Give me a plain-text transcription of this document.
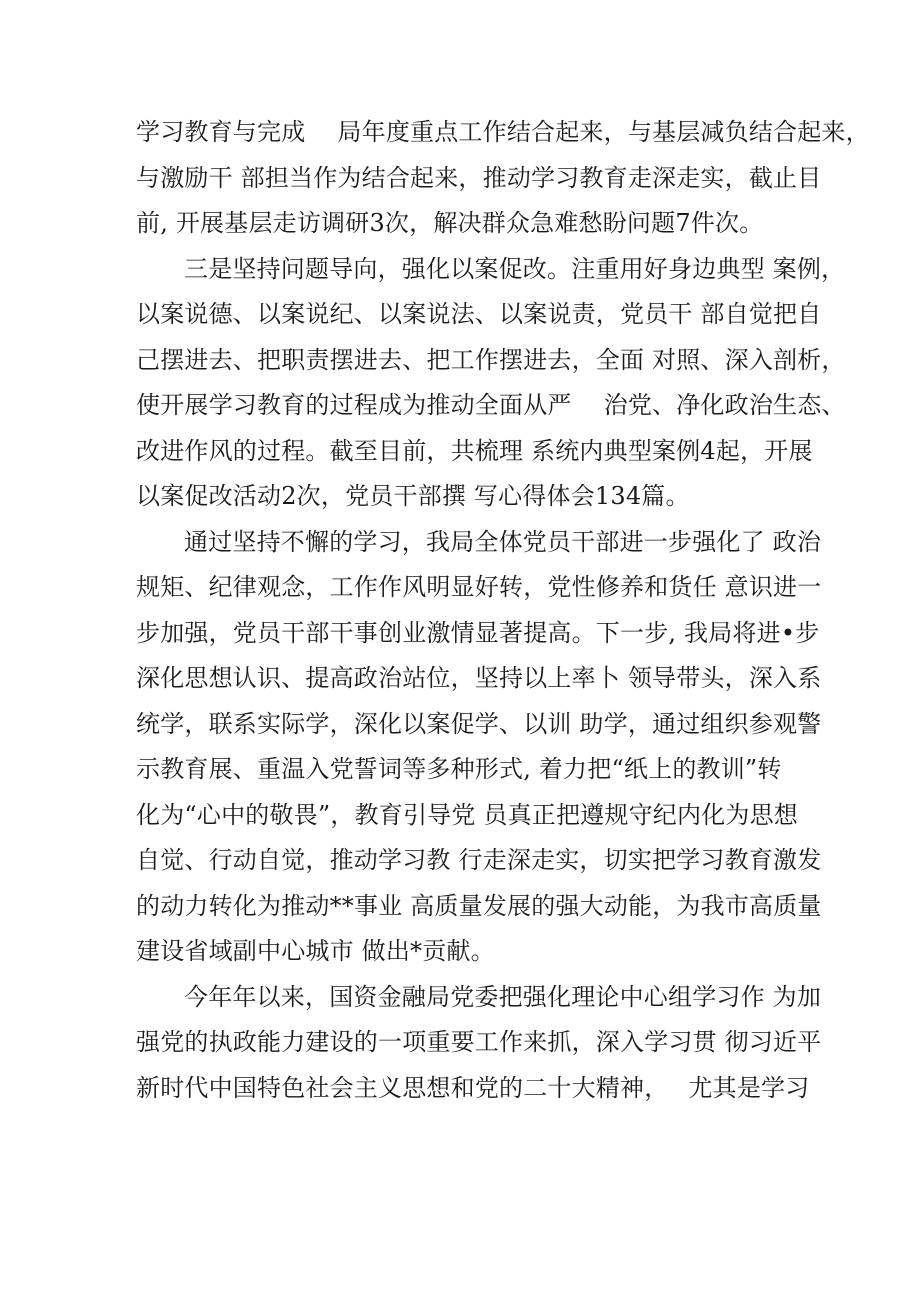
学习教育与完成　 局年度重点工作结合起来，与基层减负结合起来，
与激励干 部担当作为结合起来，推动学习教育走深走实，截止目
前, 开展基层走访调研3次，解决群众急难愁盼问题7件次。
三是坚持问题导向，强化以案促改。注重用好身边典型 案例，
以案说德、以案说纪、以案说法、以案说责，党员干 部自觉把自
己摆进去、把职责摆进去、把工作摆进去，全面 对照、深入剖析，
使开展学习教育的过程成为推动全面从严　 治党、净化政治生态、
改进作风的过程。截至目前，共梳理 系统内典型案例4起，开展
以案促改活动2次，党员干部撰 写心得体会134篇。
通过坚持不懈的学习，我局全体党员干部进一步强化了 政治
规矩、纪律观念，工作作风明显好转，党性修养和货任 意识进一
步加强，党员干部干事创业激情显著提高。下一步, 我局将进•步
深化思想认识、提高政治站位，坚持以上率卜 领导带头，深入系
统学，联系实际学，深化以案促学、以训 助学，通过组织参观警
示教育展、重温入党誓词等多种形式, 着力把“纸上的教训”转
化为“心中的敬畏”，教育引导党 员真正把遵规守纪内化为思想
自觉、行动自觉，推动学习教 行走深走实，切实把学习教育激发
的动力转化为推动**事业 高质量发展的强大动能，为我市高质量
建设省域副中心城市 做出*贡献。
今年年以来，国资金融局党委把强化理论中心组学习作 为加
强党的执政能力建设的一项重要工作来抓，深入学习贯 彻习近平
新时代中国特色社会主义思想和党的二十大精神，　 尤其是学习
